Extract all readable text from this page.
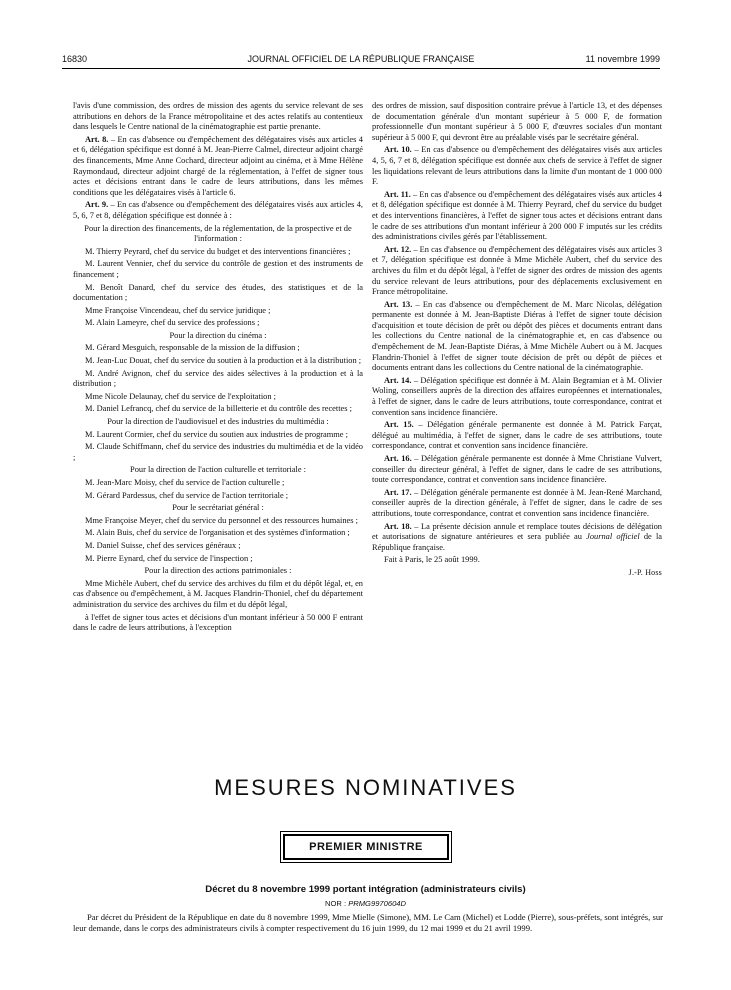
16830	JOURNAL OFFICIEL DE LA RÉPUBLIQUE FRANÇAISE	11 novembre 1999

l'avis d'une commission, des ordres de mission des agents du service relevant de ses attributions en dehors de la France métropolitaine et des actes relatifs au contentieux dans lesquels le Centre national de la cinématographie est partie prenante.

Art. 8. – En cas d'absence ou d'empêchement des délégataires visés aux articles 4 et 6, délégation spécifique est donné à M. Jean-Pierre Calmel, directeur adjoint chargé des financements, Mme Anne Cochard, directeur adjoint au cinéma, et à Mme Hélène Raymondaud, directeur adjoint chargé de la réglementation, à l'effet de signer tous actes et décisions entrant dans le cadre de leurs attributions, dans les mêmes conditions que les délégataires visés à l'article 6.

Art. 9. – En cas d'absence ou d'empêchement des délégataires visés aux articles 4, 5, 6, 7 et 8, délégation spécifique est donnée à :

Pour la direction des financements, de la réglementation, de la prospective et de l'information :

M. Thierry Peyrard, chef du service du budget et des interventions financières ;

M. Laurent Vennier, chef du service du contrôle de gestion et des instruments de financement ;

M. Benoît Danard, chef du service des études, des statistiques et de la documentation ;

Mme Françoise Vincendeau, chef du service juridique ;

M. Alain Lameyre, chef du service des professions ;

Pour la direction du cinéma :

M. Gérard Mesguich, responsable de la mission de la diffusion ;

M. Jean-Luc Douat, chef du service du soutien à la production et à la distribution ;

M. André Avignon, chef du service des aides sélectives à la production et à la distribution ;

Mme Nicole Delaunay, chef du service de l'exploitation ;

M. Daniel Lefrancq, chef du service de la billetterie et du contrôle des recettes ;

Pour la direction de l'audiovisuel et des industries du multimédia :

M. Laurent Cormier, chef du service du soutien aux industries de programme ;

M. Claude Schiffmann, chef du service des industries du multimédia et de la vidéo ;

Pour la direction de l'action culturelle et territoriale :

M. Jean-Marc Moisy, chef du service de l'action culturelle ;

M. Gérard Pardessus, chef du service de l'action territoriale ;

Pour le secrétariat général :

Mme Françoise Meyer, chef du service du personnel et des ressources humaines ;

M. Alain Buis, chef du service de l'organisation et des systèmes d'information ;

M. Daniel Suisse, chef des services généraux ;

M. Pierre Eynard, chef du service de l'inspection ;

Pour la direction des actions patrimoniales :

Mme Michèle Aubert, chef du service des archives du film et du dépôt légal, et, en cas d'absence ou d'empêchement, à M. Jacques Flandrin-Thoniel, chef du département administration du service des archives du film et du dépôt légal,

à l'effet de signer tous actes et décisions d'un montant inférieur à 50 000 F entrant dans le cadre de leurs attributions, à l'exception

des ordres de mission, sauf disposition contraire prévue à l'article 13, et des dépenses de documentation générale d'un montant supérieur à 5 000 F, de formation professionnelle d'un montant supérieur à 5 000 F, d'œuvres sociales d'un montant supérieur à 5 000 F, qui devront être au préalable visés par le secrétaire général.

Art. 10. – En cas d'absence ou d'empêchement des délégataires visés aux articles 4, 5, 6, 7 et 8, délégation spécifique est donnée aux chefs de service à l'effet de signer les liquidations relevant de leurs attributions dans la limite d'un montant de 1 000 000 F.

Art. 11. – En cas d'absence ou d'empêchement des délégataires visés aux articles 4 et 8, délégation spécifique est donnée à M. Thierry Peyrard, chef du service du budget et des interventions financières, à l'effet de signer tous actes et décisions entrant dans le cadre de ses attributions d'un montant inférieur à 200 000 F imputés sur les crédits des administrations civiles gérés par l'établissement.

Art. 12. – En cas d'absence ou d'empêchement des délégataires visés aux articles 3 et 7, délégation spécifique est donnée à Mme Michèle Aubert, chef du service des archives du film et du dépôt légal, à l'effet de signer des ordres de mission des agents du service relevant de leurs attributions, pour des déplacements exclusivement en France métropolitaine.

Art. 13. – En cas d'absence ou d'empêchement de M. Marc Nicolas, délégation permanente est donnée à M. Jean-Baptiste Diéras à l'effet de signer toute décision d'acquisition et toute décision de prêt ou dépôt des pièces et documents entrant dans les collections du Centre national de la cinématographie et, en cas d'absence ou d'empêchement de M. Jean-Baptiste Diéras, à Mme Michèle Aubert ou à M. Jacques Flandrin-Thoniel à l'effet de signer toute décision de prêt ou dépôt de pièces et documents entrant dans les collections du Centre national de la cinématographie.

Art. 14. – Délégation spécifique est donnée à M. Alain Begramian et à M. Olivier Woling, conseillers auprès de la direction des affaires européennes et internationales, à l'effet de signer, dans le cadre de leurs attributions, toute correspondance, contrat et convention sans incidence financière.

Art. 15. – Délégation générale permanente est donnée à M. Patrick Farçat, délégué au multimédia, à l'effet de signer, dans le cadre de ses attributions, toute correspondance, contrat et convention sans incidence financière.

Art. 16. – Délégation générale permanente est donnée à Mme Christiane Vulvert, conseiller du directeur général, à l'effet de signer, dans le cadre de ses attributions, toute correspondance, contrat et convention sans incidence financière.

Art. 17. – Délégation générale permanente est donnée à M. Jean-René Marchand, conseiller auprès de la direction générale, à l'effet de signer, dans le cadre de ses attributions, toute correspondance, contrat et convention sans incidence financière.

Art. 18. – La présente décision annule et remplace toutes décisions de délégation et autorisations de signature antérieures et sera publiée au Journal officiel de la République française.

Fait à Paris, le 25 août 1999.

J.-P. Hoss
MESURES NOMINATIVES
PREMIER MINISTRE
Décret du 8 novembre 1999 portant intégration (administrateurs civils)
NOR : PRMG9970604D
Par décret du Président de la République en date du 8 novembre 1999, Mme Mielle (Simone), MM. Le Cam (Michel) et Lodde (Pierre), sous-préfets, sont intégrés, sur leur demande, dans le corps des administrateurs civils à compter respectivement du 16 juin 1999, du 12 mai 1999 et du 21 avril 1999.
